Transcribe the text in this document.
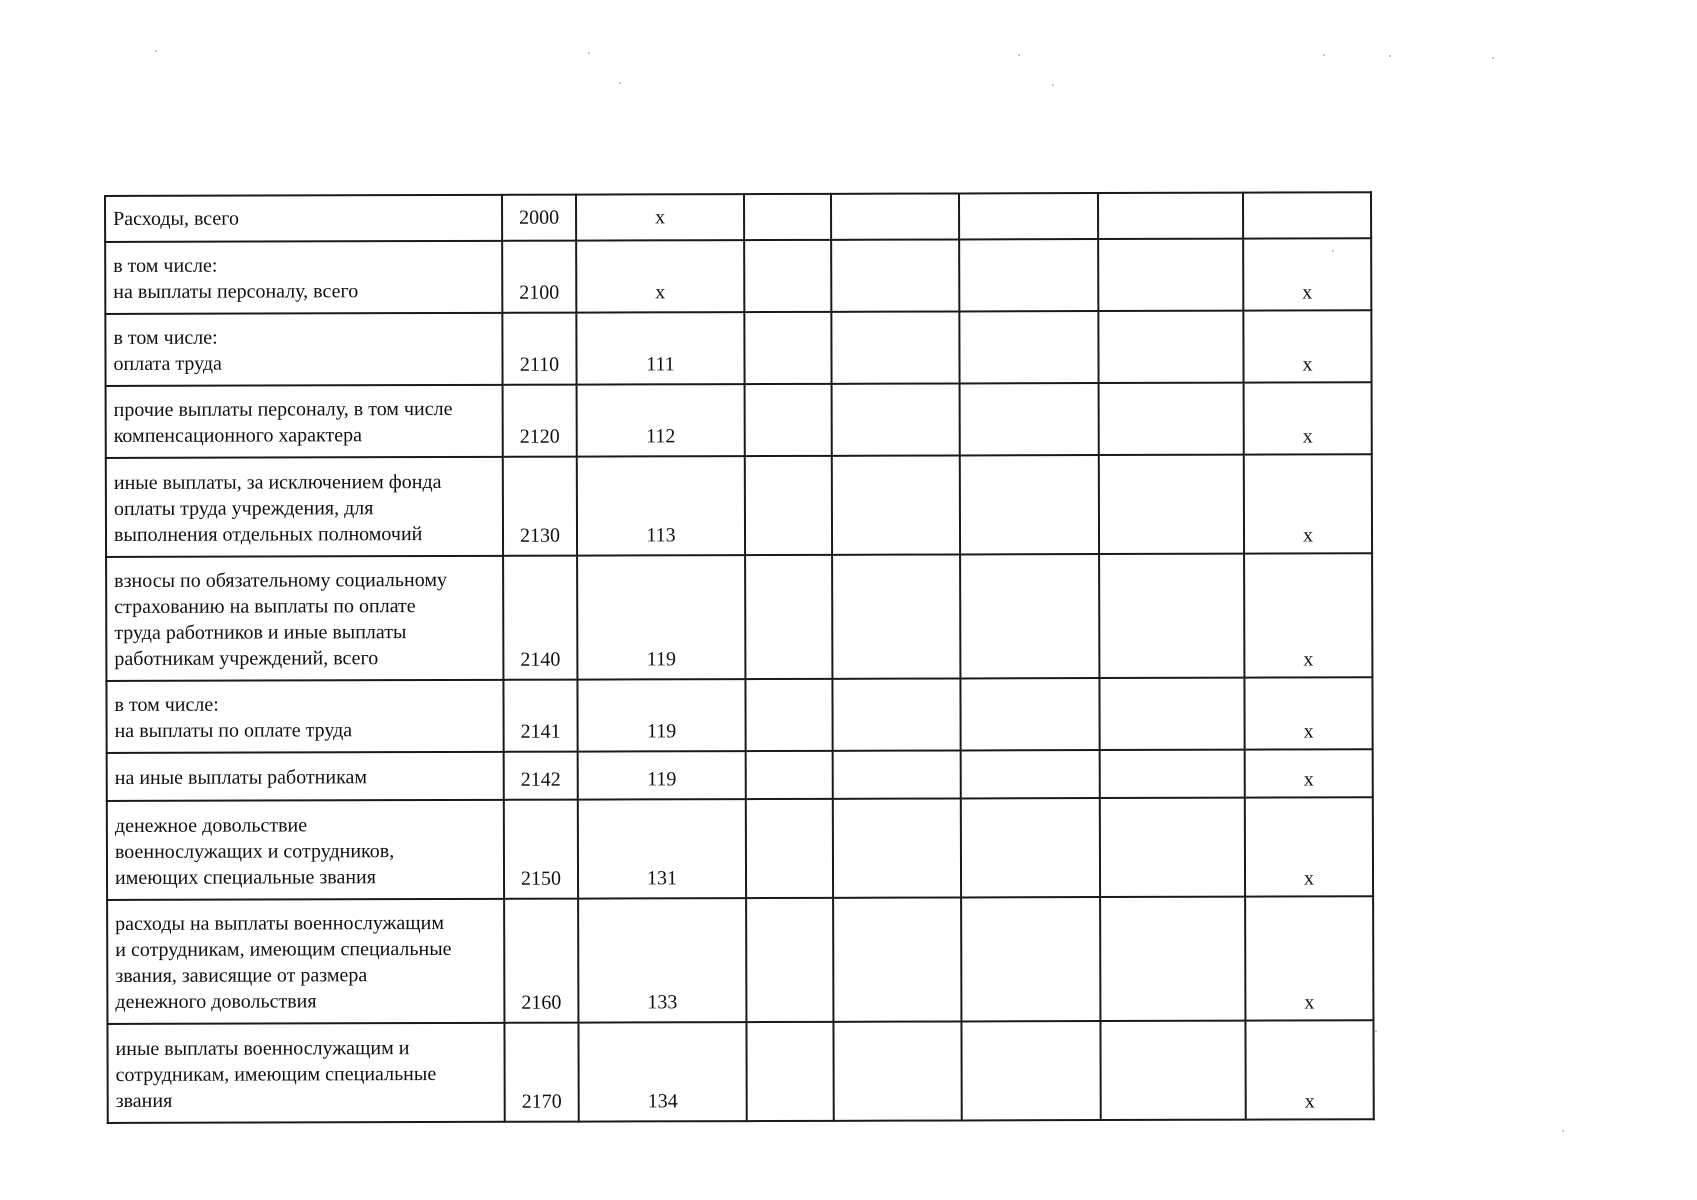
Расходы, всего	2000	x					
в том числе:
на выплаты персоналу, всего	2100	x					x
в том числе:
оплата труда	2110	111					x
прочие выплаты персоналу, в том числе
компенсационного характера	2120	112					x
иные выплаты, за исключением фонда
оплаты труда учреждения, для
выполнения отдельных полномочий	2130	113					x
взносы по обязательному социальному
страхованию на выплаты по оплате
труда работников и иные выплаты
работникам учреждений, всего	2140	119					x
в том числе:
на выплаты по оплате труда	2141	119					x
на иные выплаты работникам	2142	119					x
денежное довольствие
военнослужащих и сотрудников,
имеющих специальные звания	2150	131					x
расходы на выплаты военнослужащим
и сотрудникам, имеющим специальные
звания, зависящие от размера
денежного довольствия	2160	133					x
иные выплаты военнослужащим и
сотрудникам, имеющим специальные
звания	2170	134					x
